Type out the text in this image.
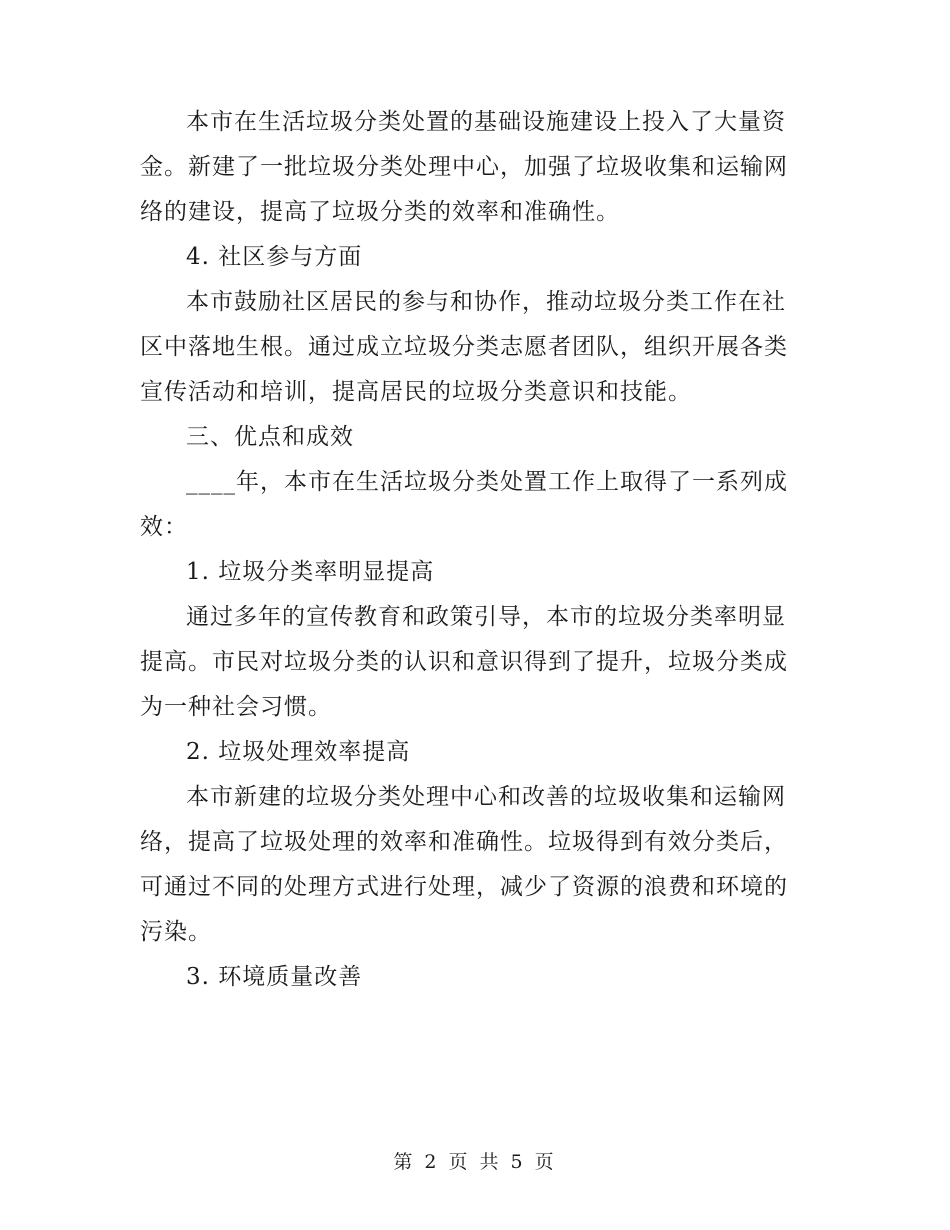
本市在生活垃圾分类处置的基础设施建设上投入了大量资金。新建了一批垃圾分类处理中心，加强了垃圾收集和运输网络的建设，提高了垃圾分类的效率和准确性。

4. 社区参与方面

本市鼓励社区居民的参与和协作，推动垃圾分类工作在社区中落地生根。通过成立垃圾分类志愿者团队，组织开展各类宣传活动和培训，提高居民的垃圾分类意识和技能。

三、优点和成效

____年，本市在生活垃圾分类处置工作上取得了一系列成效：

1. 垃圾分类率明显提高

通过多年的宣传教育和政策引导，本市的垃圾分类率明显提高。市民对垃圾分类的认识和意识得到了提升，垃圾分类成为一种社会习惯。

2. 垃圾处理效率提高

本市新建的垃圾分类处理中心和改善的垃圾收集和运输网络，提高了垃圾处理的效率和准确性。垃圾得到有效分类后，可通过不同的处理方式进行处理，减少了资源的浪费和环境的污染。

3. 环境质量改善

第 2 页 共 5 页
